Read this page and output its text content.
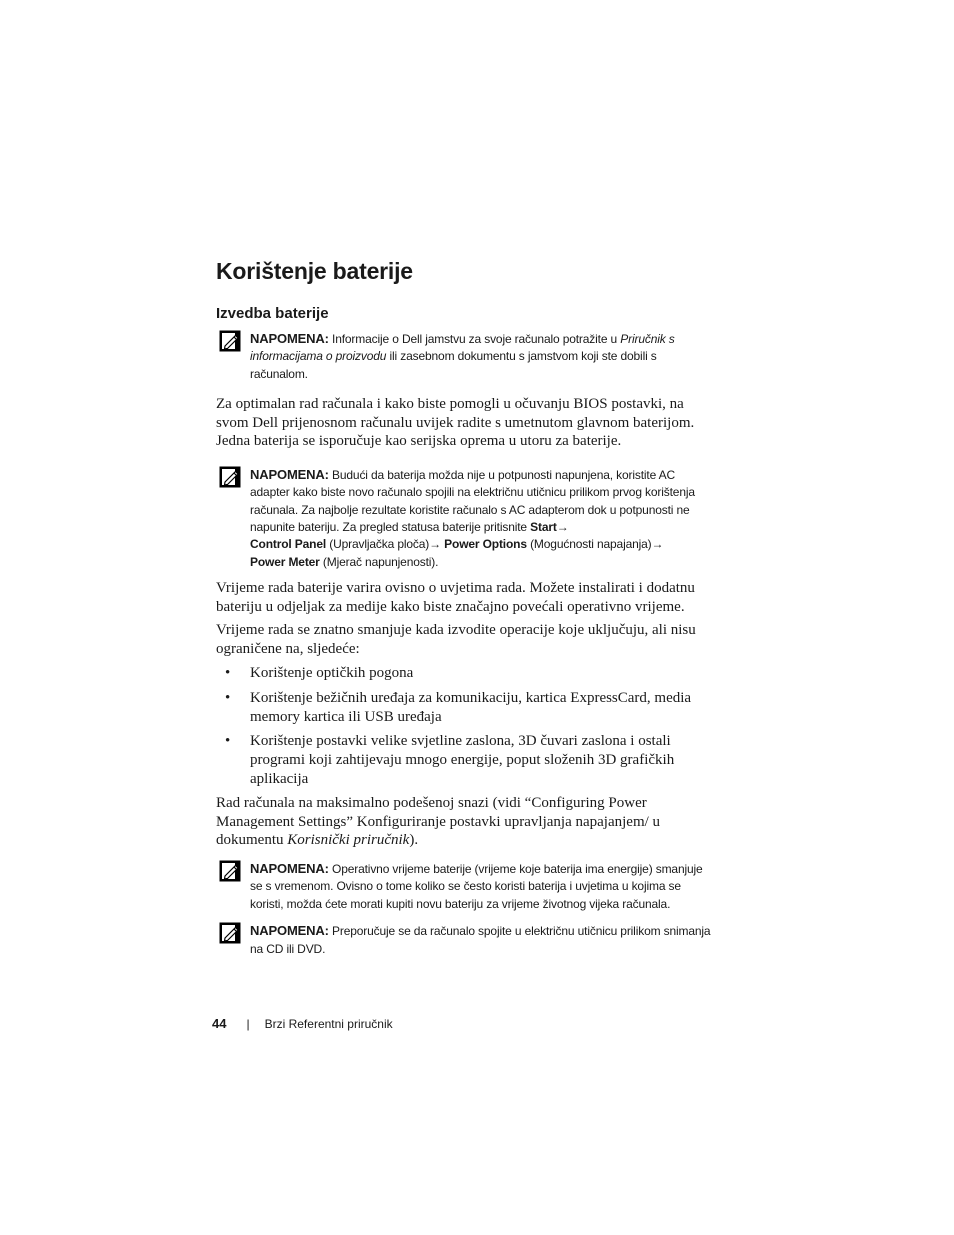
Korištenje baterije
Izvedba baterije
NAPOMENA: Informacije o Dell jamstvu za svoje računalo potražite u Priručnik s informacijama o proizvodu ili zasebnom dokumentu s jamstvom koji ste dobili s računalom.

Za optimalan rad računala i kako biste pomogli u očuvanju BIOS postavki, na svom Dell prijenosnom računalu uvijek radite s umetnutom glavnom baterijom. Jedna baterija se isporučuje kao serijska oprema u utoru za baterije.

NAPOMENA: Budući da baterija možda nije u potpunosti napunjena, koristite AC adapter kako biste novo računalo spojili na električnu utičnicu prilikom prvog korištenja računala. Za najbolje rezultate koristite računalo s AC adapterom dok u potpunosti ne napunite bateriju. Za pregled statusa baterije pritisnite Start→
Control Panel (Upravljačka ploča)→ Power Options (Mogućnosti napajanja)→
Power Meter (Mjerač napunjenosti).

Vrijeme rada baterije varira ovisno o uvjetima rada. Možete instalirati i dodatnu bateriju u odjeljak za medije kako biste značajno povećali operativno vrijeme.

Vrijeme rada se znatno smanjuje kada izvodite operacije koje uključuju, ali nisu ograničene na, sljedeće:

• Korištenje optičkih pogona
• Korištenje bežičnih uređaja za komunikaciju, kartica ExpressCard, media memory kartica ili USB uređaja
• Korištenje postavki velike svjetline zaslona, 3D čuvari zaslona i ostali programi koji zahtijevaju mnogo energije, poput složenih 3D grafičkih aplikacija

Rad računala na maksimalno podešenoj snazi (vidi “Configuring Power Management Settings” Konfiguriranje postavki upravljanja napajanjem/ u dokumentu Korisnički priručnik).

NAPOMENA: Operativno vrijeme baterije (vrijeme koje baterija ima energije) smanjuje se s vremenom. Ovisno o tome koliko se često koristi baterija i uvjetima u kojima se koristi, možda ćete morati kupiti novu bateriju za vrijeme životnog vijeka računala.
NAPOMENA: Preporučuje se da računalo spojite u električnu utičnicu prilikom snimanja na CD ili DVD.
44 | Brzi Referentni priručnik
